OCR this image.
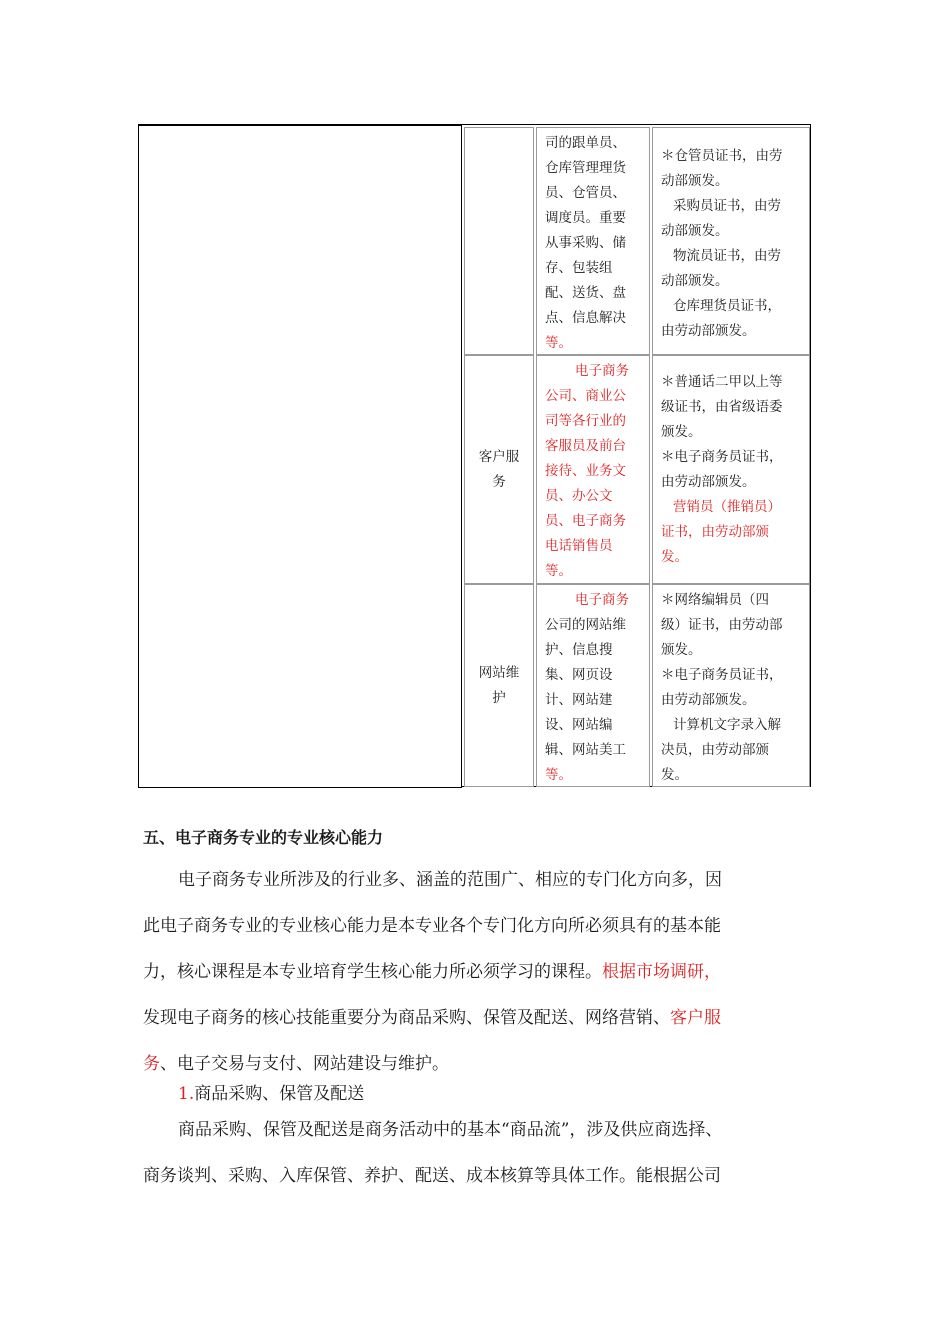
司的跟单员、
仓库管理理货
员、仓管员、
调度员。重要
从事采购、储
存、包装组
配、送货、盘
点、信息解决
等。
＊仓管员证书，由劳
动部颁发。
采购员证书，由劳
动部颁发。
物流员证书，由劳
动部颁发。
仓库理货员证书，
由劳动部颁发。
客户服
务
电子商务
公司、商业公
司等各行业的
客服员及前台
接待、业务文
员、办公文
员、电子商务
电话销售员
等。
＊普通话二甲以上等
级证书，由省级语委
颁发。
＊电子商务员证书，
由劳动部颁发。
营销员（推销员）
证书，由劳动部颁
发。
网站维
护
电子商务
公司的网站维
护、信息搜
集、网页设
计、网站建
设、网站编
辑、网站美工
等。
＊网络编辑员（四
级）证书，由劳动部
颁发。
＊电子商务员证书，
由劳动部颁发。
计算机文字录入解
决员，由劳动部颁
发。
五、电子商务专业的专业核心能力
电子商务专业所涉及的行业多、涵盖的范围广、相应的专门化方向多，因
此电子商务专业的专业核心能力是本专业各个专门化方向所必须具有的基本能
力，核心课程是本专业培育学生核心能力所必须学习的课程。根据市场调研，
发现电子商务的核心技能重要分为商品采购、保管及配送、网络营销、客户服
务、电子交易与支付、网站建设与维护。
1.商品采购、保管及配送
商品采购、保管及配送是商务活动中的基本“商品流”，涉及供应商选择、
商务谈判、采购、入库保管、养护、配送、成本核算等具体工作。能根据公司
